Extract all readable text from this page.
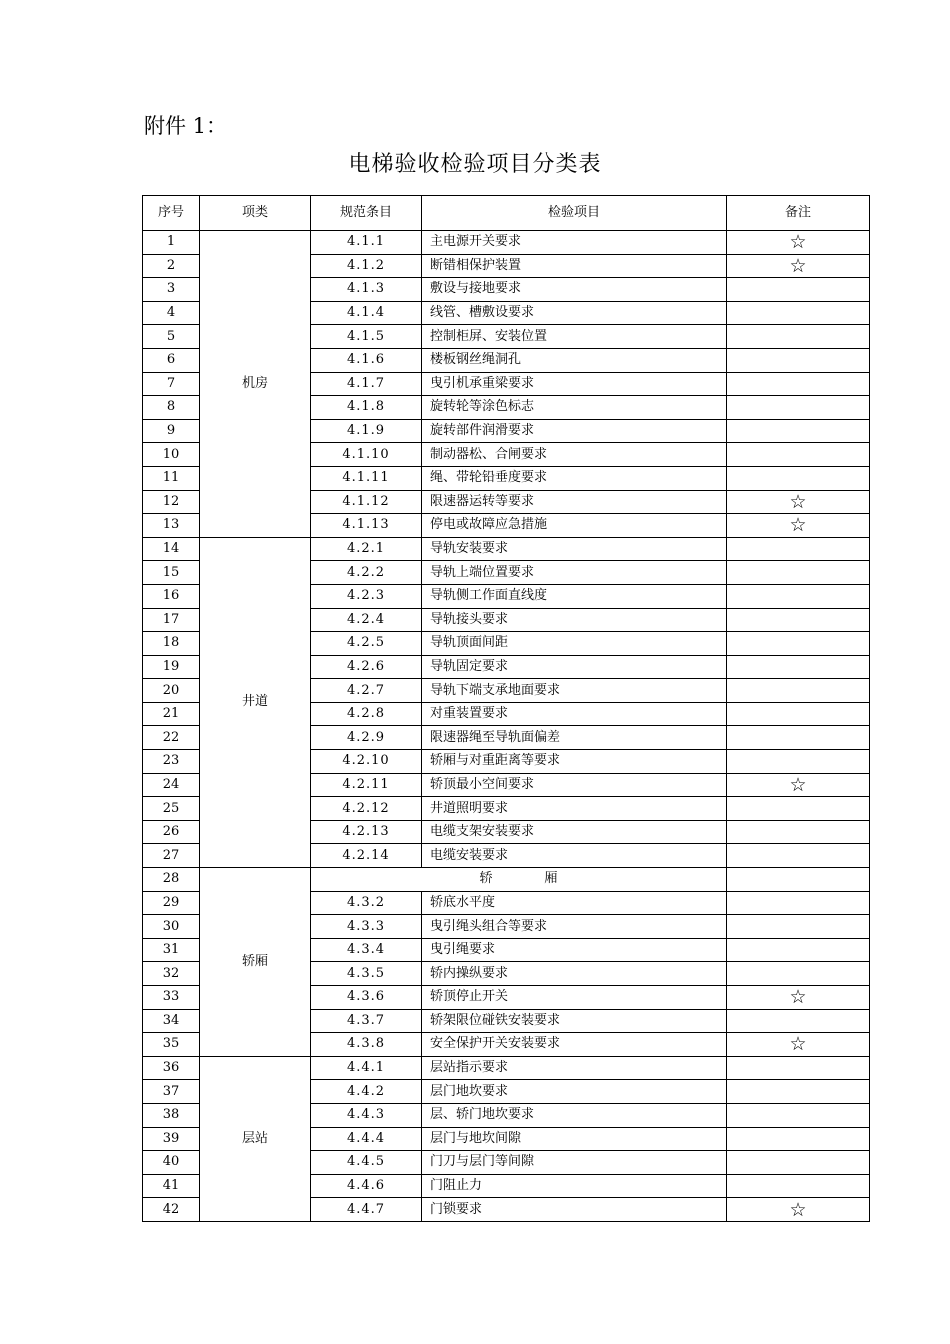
附件 1：
电梯验收检验项目分类表
序号	项类	规范条目	检验项目	备注
1	机房	4.1.1	主电源开关要求	☆
2		4.1.2	断错相保护装置	☆
3		4.1.3	敷设与接地要求	
4		4.1.4	线管、槽敷设要求	
5		4.1.5	控制柜屏、安装位置	
6		4.1.6	楼板钢丝绳洞孔	
7		4.1.7	曳引机承重梁要求	
8		4.1.8	旋转轮等涂色标志	
9		4.1.9	旋转部件润滑要求	
10		4.1.10	制动器松、合闸要求	
11		4.1.11	绳、带轮铅垂度要求	
12		4.1.12	限速器运转等要求	☆
13		4.1.13	停电或故障应急措施	☆
14	井道	4.2.1	导轨安装要求	
15		4.2.2	导轨上端位置要求	
16		4.2.3	导轨侧工作面直线度	
17		4.2.4	导轨接头要求	
18		4.2.5	导轨顶面间距	
19		4.2.6	导轨固定要求	
20		4.2.7	导轨下端支承地面要求	
21		4.2.8	对重装置要求	
22		4.2.9	限速器绳至导轨面偏差	
23		4.2.10	轿厢与对重距离等要求	
24		4.2.11	轿顶最小空间要求	☆
25		4.2.12	井道照明要求	
26		4.2.13	电缆支架安装要求	
27		4.2.14	电缆安装要求	
28	轿厢	轿　　　　厢		
29		4.3.2	轿底水平度	
30		4.3.3	曳引绳头组合等要求	
31		4.3.4	曳引绳要求	
32		4.3.5	轿内操纵要求	
33		4.3.6	轿顶停止开关	☆
34		4.3.7	轿架限位碰铁安装要求	
35		4.3.8	安全保护开关安装要求	☆
36	层站	4.4.1	层站指示要求	
37		4.4.2	层门地坎要求	
38		4.4.3	层、轿门地坎要求	
39		4.4.4	层门与地坎间隙	
40		4.4.5	门刀与层门等间隙	
41		4.4.6	门阻止力	
42		4.4.7	门锁要求	☆
